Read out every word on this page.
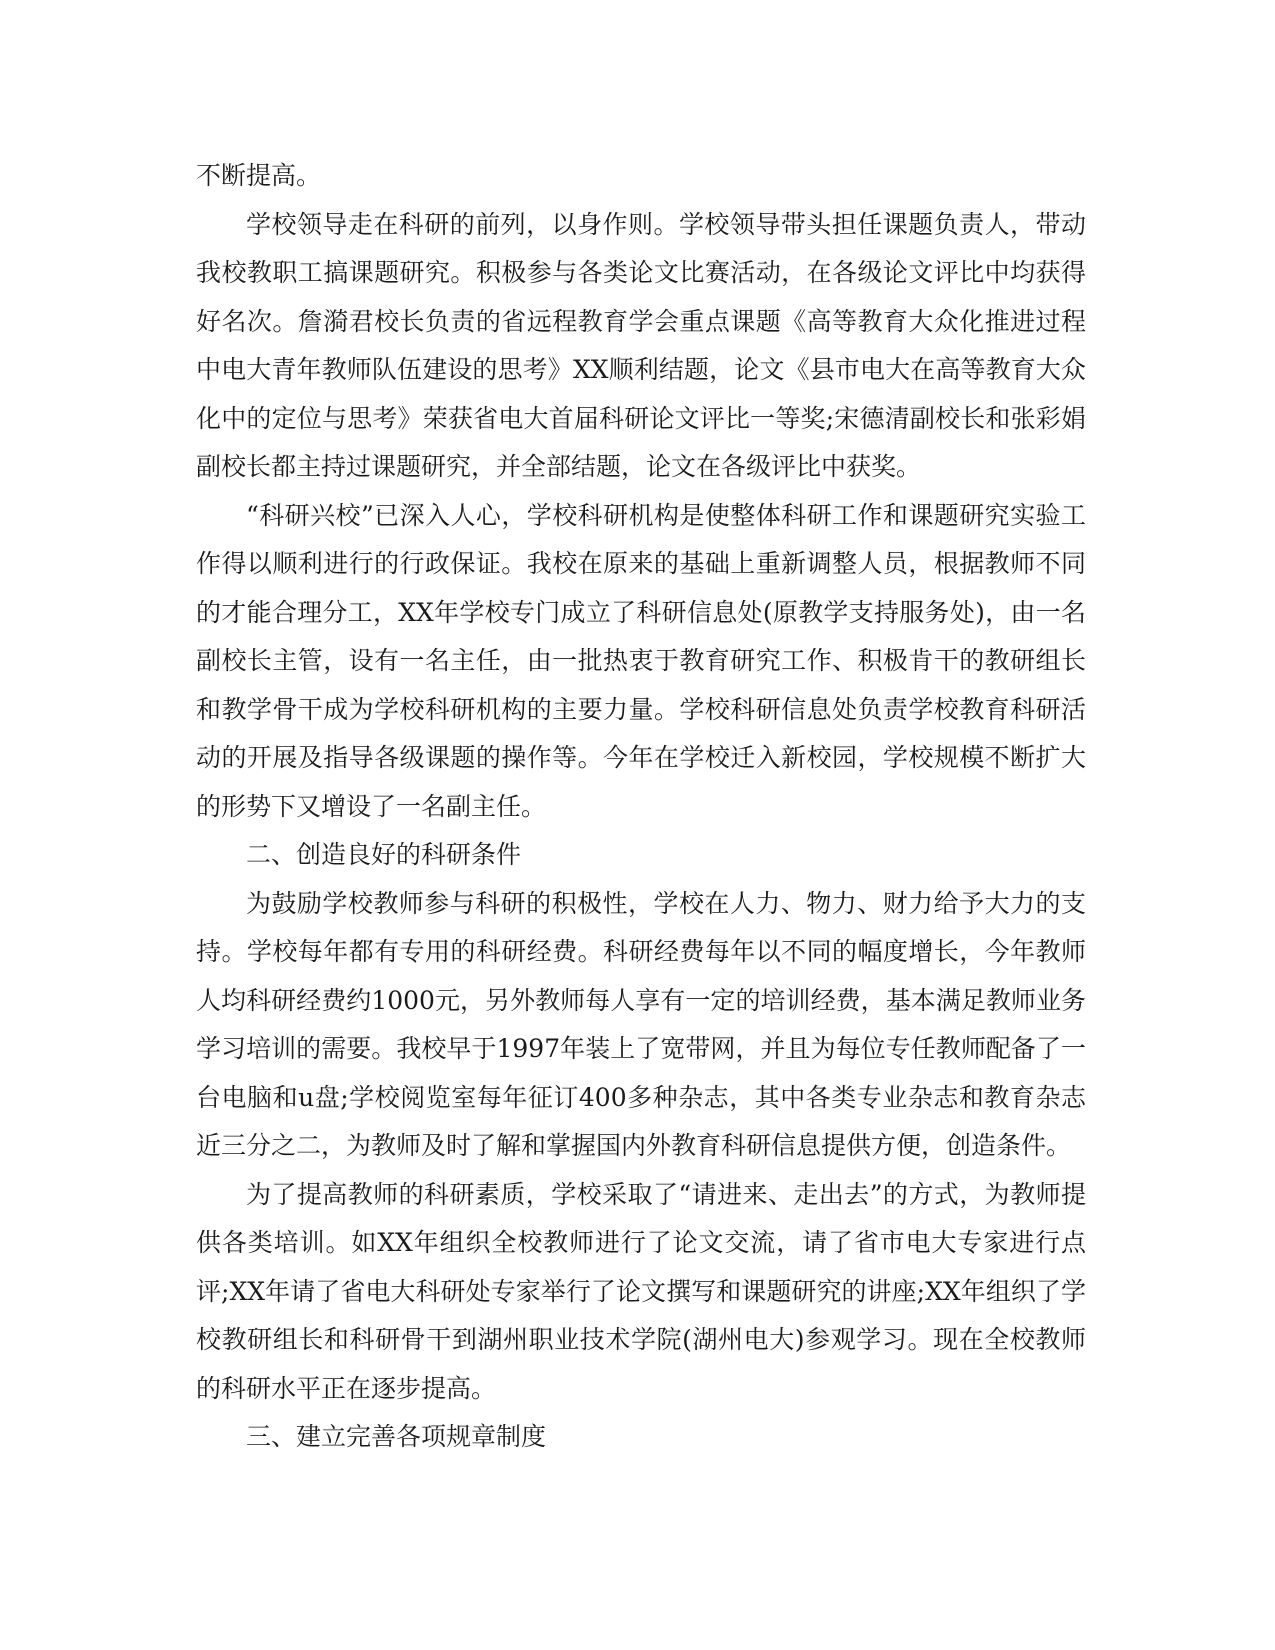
不断提高。

学校领导走在科研的前列，以身作则。学校领导带头担任课题负责人，带动我校教职工搞课题研究。积极参与各类论文比赛活动，在各级论文评比中均获得好名次。詹漪君校长负责的省远程教育学会重点课题《高等教育大众化推进过程中电大青年教师队伍建设的思考》XX顺利结题，论文《县市电大在高等教育大众化中的定位与思考》荣获省电大首届科研论文评比一等奖;宋德清副校长和张彩娟副校长都主持过课题研究，并全部结题，论文在各级评比中获奖。

“科研兴校”已深入人心，学校科研机构是使整体科研工作和课题研究实验工作得以顺利进行的行政保证。我校在原来的基础上重新调整人员，根据教师不同的才能合理分工，XX年学校专门成立了科研信息处(原教学支持服务处)，由一名副校长主管，设有一名主任，由一批热衷于教育研究工作、积极肯干的教研组长和教学骨干成为学校科研机构的主要力量。学校科研信息处负责学校教育科研活动的开展及指导各级课题的操作等。今年在学校迁入新校园，学校规模不断扩大的形势下又增设了一名副主任。

二、创造良好的科研条件

为鼓励学校教师参与科研的积极性，学校在人力、物力、财力给予大力的支持。学校每年都有专用的科研经费。科研经费每年以不同的幅度增长，今年教师人均科研经费约1000元，另外教师每人享有一定的培训经费，基本满足教师业务学习培训的需要。我校早于1997年装上了宽带网，并且为每位专任教师配备了一台电脑和u盘;学校阅览室每年征订400多种杂志，其中各类专业杂志和教育杂志近三分之二，为教师及时了解和掌握国内外教育科研信息提供方便，创造条件。

为了提高教师的科研素质，学校采取了“请进来、走出去”的方式，为教师提供各类培训。如XX年组织全校教师进行了论文交流，请了省市电大专家进行点评;XX年请了省电大科研处专家举行了论文撰写和课题研究的讲座;XX年组织了学校教研组长和科研骨干到湖州职业技术学院(湖州电大)参观学习。现在全校教师的科研水平正在逐步提高。

三、建立完善各项规章制度
